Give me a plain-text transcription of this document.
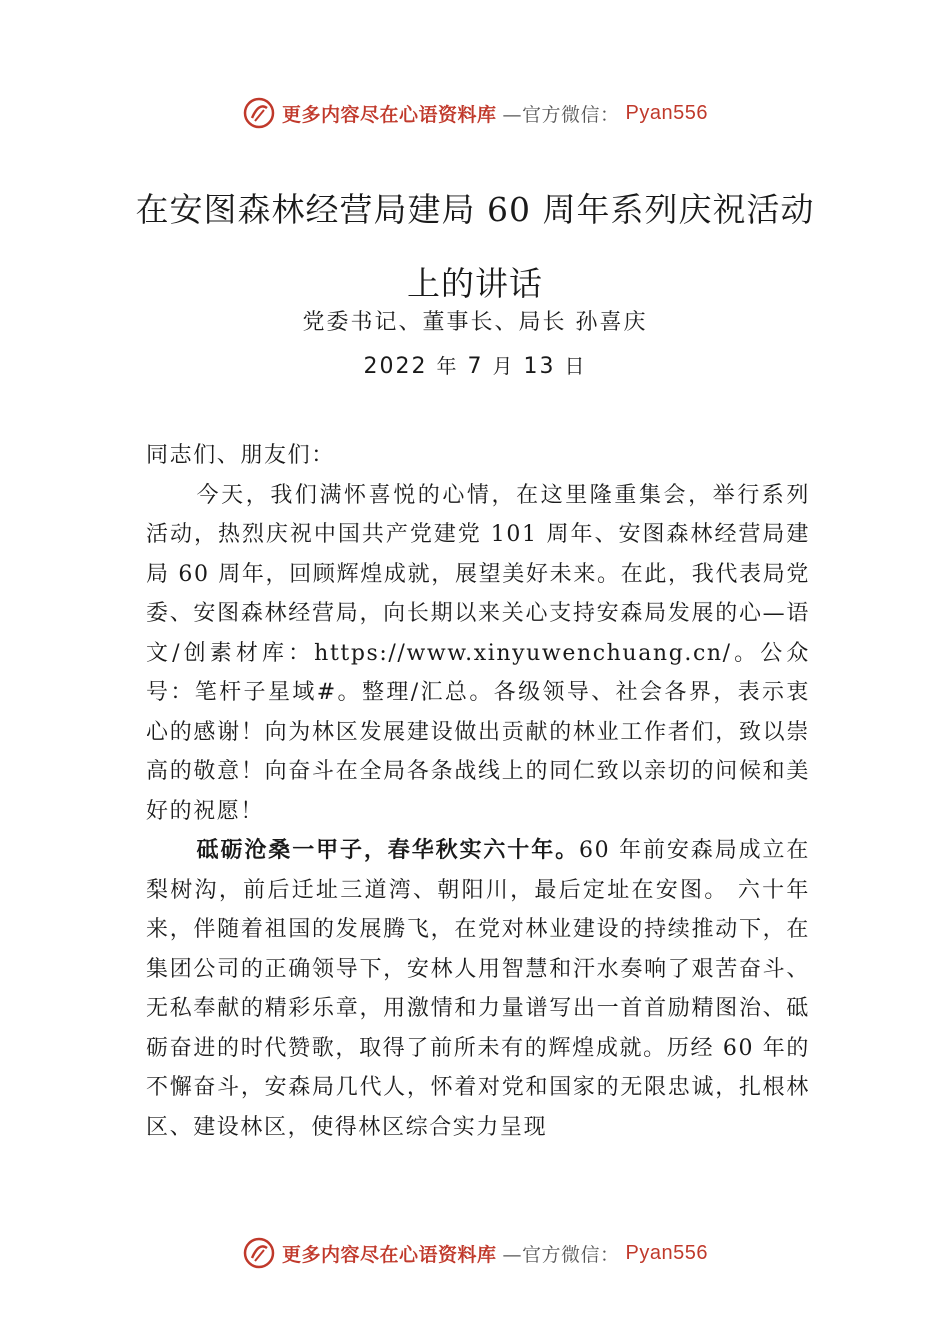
更多内容尽在心语资料库 —官方微信： Pyan556
在安图森林经营局建局 60 周年系列庆祝活动上的讲话
党委书记、董事长、局长 孙喜庆
2022 年 7 月 13 日

同志们、朋友们：

今天，我们满怀喜悦的心情，在这里隆重集会，举行系列活动，热烈庆祝中国共产党建党 101 周年、安图森林经营局建局 60 周年，回顾辉煌成就，展望美好未来。在此，我代表局党委、安图森林经营局，向长期以来关心支持安森局发展的心—语文/创素材库：https://www.xinyuwenchuang.cn/。公众号：笔杆子星域#。整理/汇总。各级领导、社会各界，表示衷心的感谢！向为林区发展建设做出贡献的林业工作者们，致以崇高的敬意！向奋斗在全局各条战线上的同仁致以亲切的问候和美好的祝愿！

砥砺沧桑一甲子，春华秋实六十年。60 年前安森局成立在梨树沟，前后迁址三道湾、朝阳川，最后定址在安图。 六十年来，伴随着祖国的发展腾飞，在党对林业建设的持续推动下，在集团公司的正确领导下，安林人用智慧和汗水奏响了艰苦奋斗、无私奉献的精彩乐章，用激情和力量谱写出一首首励精图治、砥砺奋进的时代赞歌，取得了前所未有的辉煌成就。历经 60 年的不懈奋斗，安森局几代人，怀着对党和国家的无限忠诚，扎根林区、建设林区，使得林区综合实力呈现

更多内容尽在心语资料库 —官方微信： Pyan556
